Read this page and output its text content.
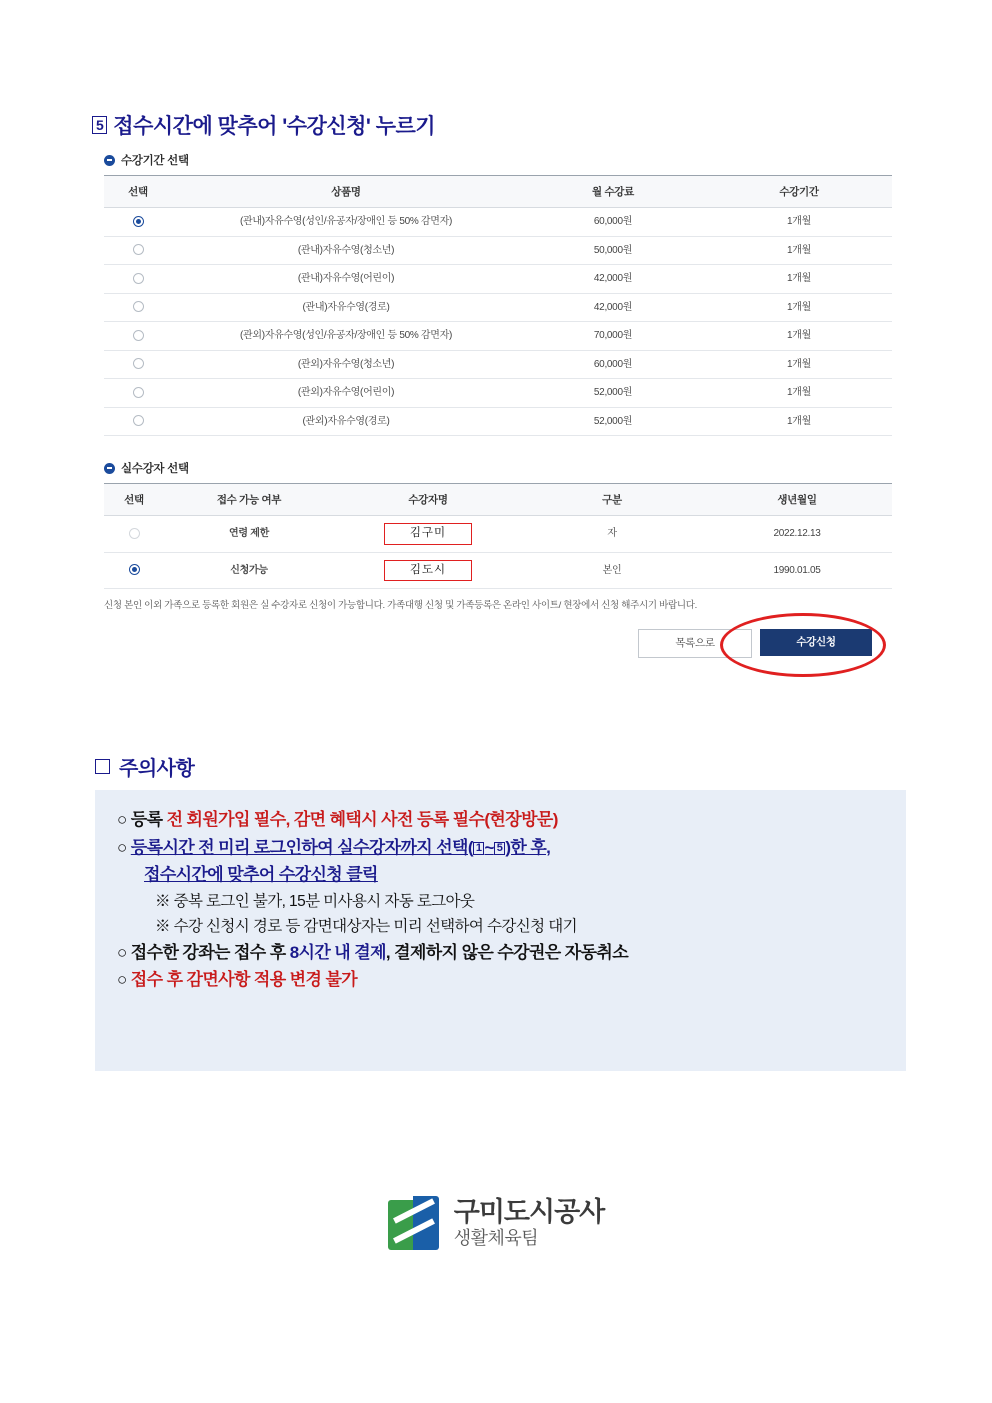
5 접수시간에 맞추어 '수강신청' 누르기
수강기간 선택
선택	상품명	월 수강료	수강기간
	(관내)자유수영(성인/유공자/장애인 등 50% 감면자)	60,000원	1개월
	(관내)자유수영(청소년)	50,000원	1개월
	(관내)자유수영(어린이)	42,000원	1개월
	(관내)자유수영(경로)	42,000원	1개월
	(관외)자유수영(성인/유공자/장애인 등 50% 감면자)	70,000원	1개월
	(관외)자유수영(청소년)	60,000원	1개월
	(관외)자유수영(어린이)	52,000원	1개월
	(관외)자유수영(경로)	52,000원	1개월
실수강자 선택
선택	접수 가능 여부	수강자명	구분	생년월일
	연령 제한	김구미	자	2022.12.13
	신청가능	김도시	본인	1990.01.05
신청 본인 이외 가족으로 등록한 회원은 실 수강자로 신청이 가능합니다. 가족대행 신청 및 가족등록은 온라인 사이트/ 현장에서 신청 해주시기 바랍니다.
목록으로	수강신청
주의사항
○ 등록 전 회원가입 필수, 감면 혜택시 사전 등록 필수(현장방문)
○ 등록시간 전 미리 로그인하여 실수강자까지 선택( 1 ~ 5 )한 후,
접수시간에 맞추어 수강신청 클릭
※ 중복 로그인 불가, 15분 미사용시 자동 로그아웃
※ 수강 신청시 경로 등 감면대상자는 미리 선택하여 수강신청 대기
○ 접수한 강좌는 접수 후 8시간 내 결제, 결제하지 않은 수강권은 자동취소
○ 접수 후 감면사항 적용 변경 불가
구미도시공사
생활체육팀
